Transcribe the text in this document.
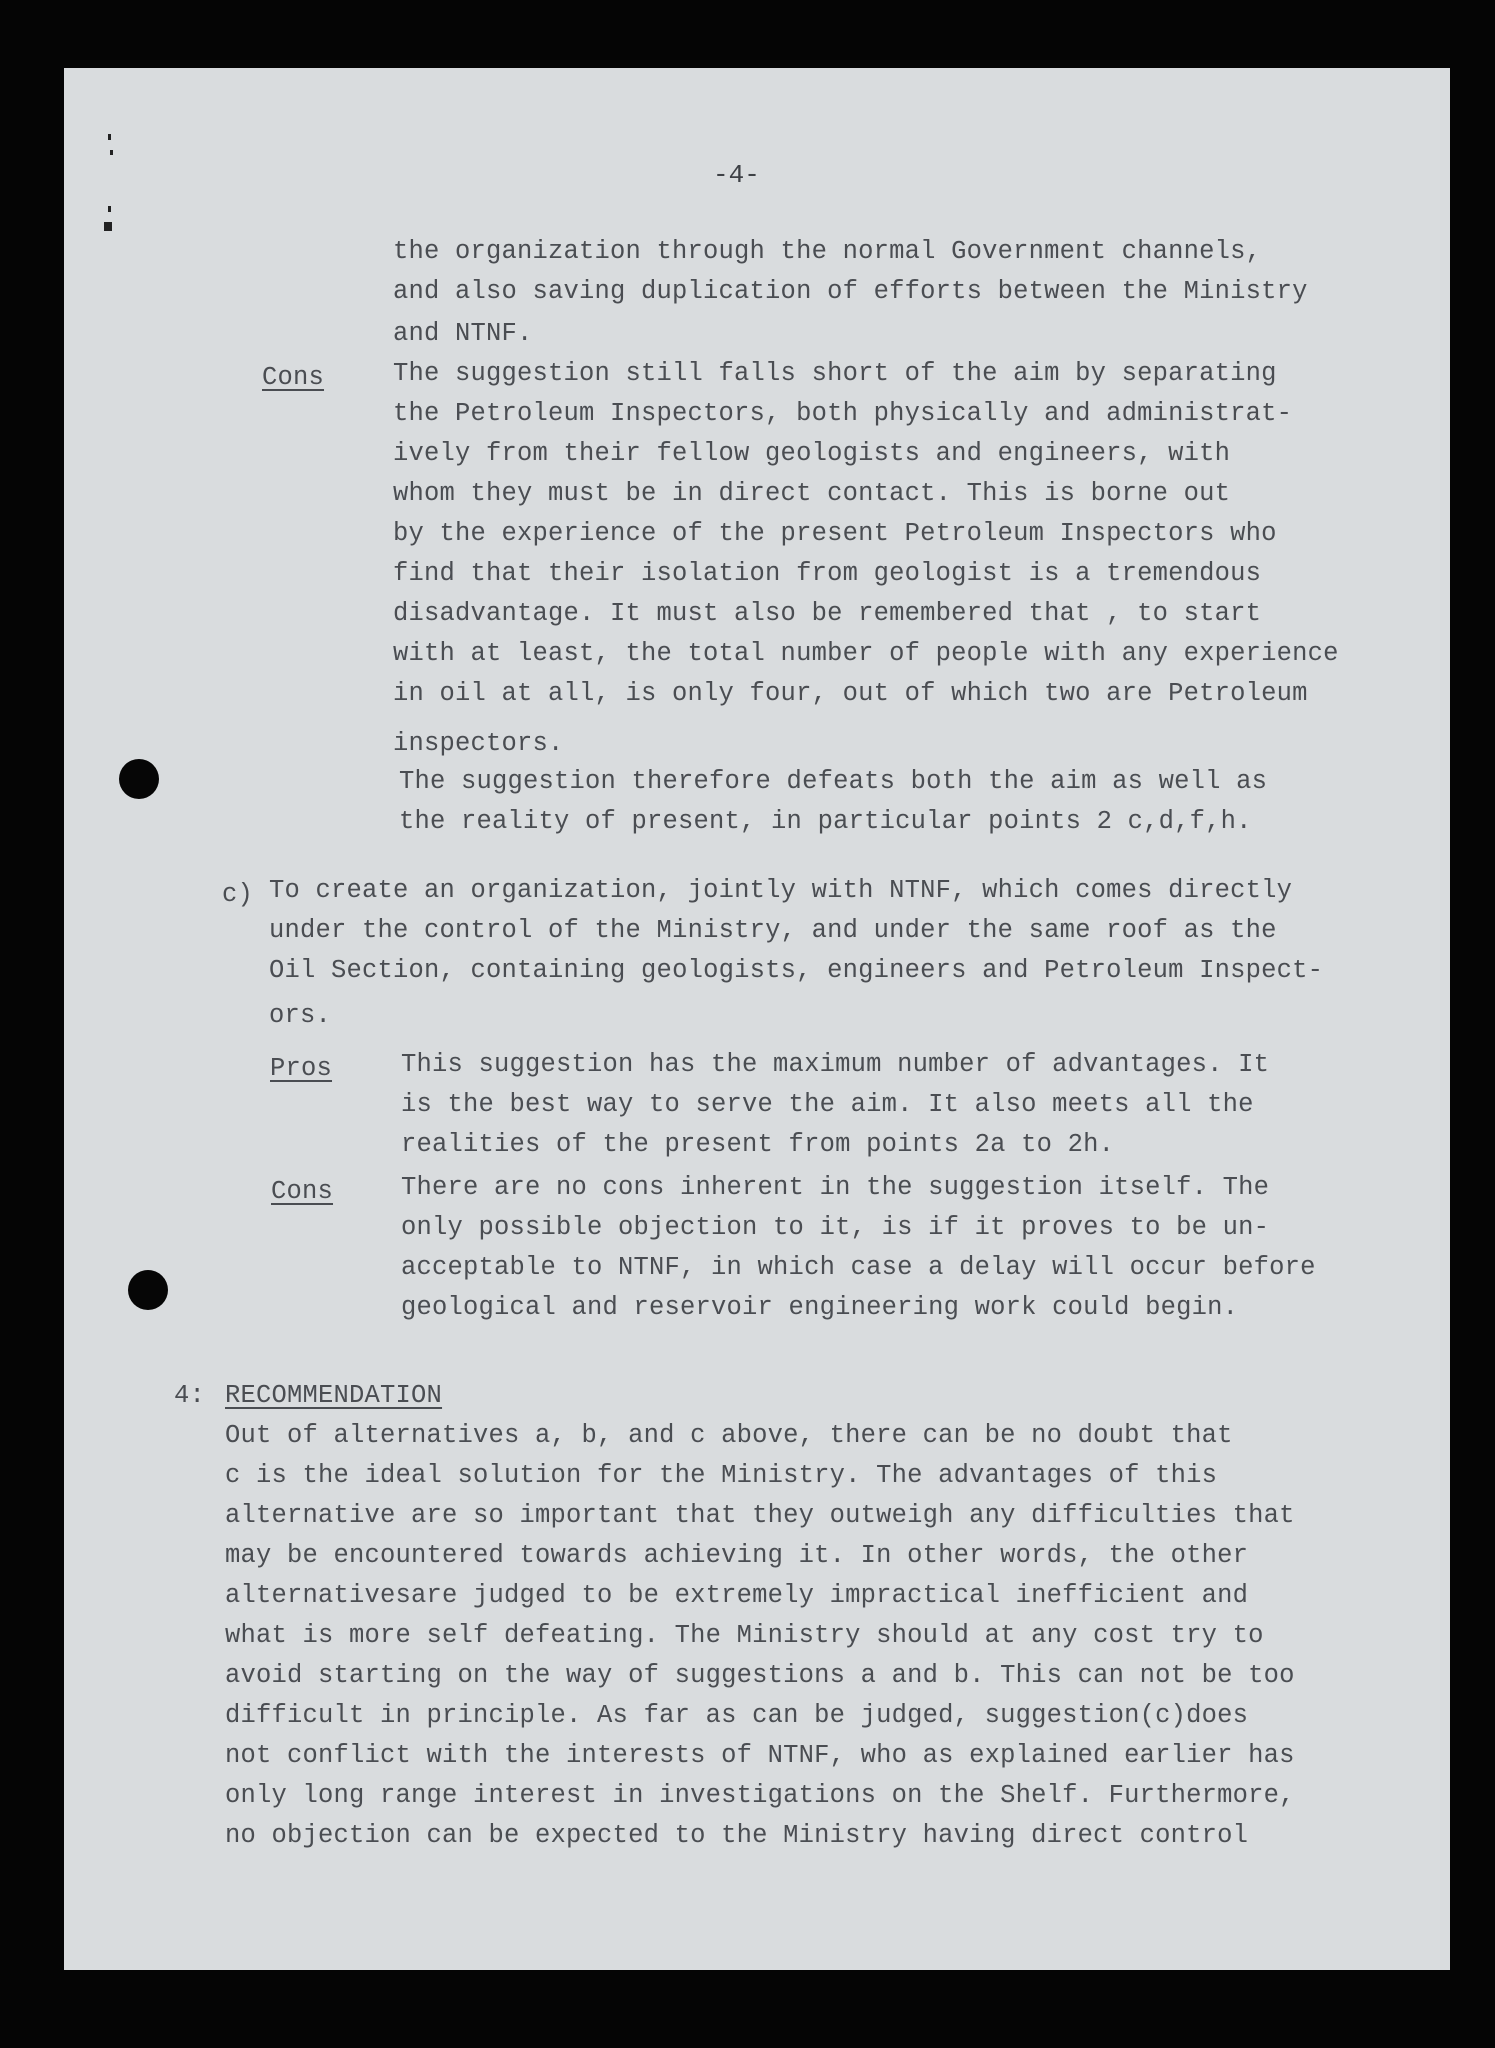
-4-
the organization through the normal Government channels,
and also saving duplication of efforts between the Ministry
and NTNF.
Cons	The suggestion still falls short of the aim by separating
the Petroleum Inspectors, both physically and administrat-
ively from their fellow geologists and engineers, with
whom they must be in direct contact. This is borne out
by the experience of the present Petroleum Inspectors who
find that their isolation from geologist is a tremendous
disadvantage. It must also be remembered that , to start
with at least, the total number of people with any experience
in oil at all, is only four, out of which two are Petroleum
inspectors.
The suggestion therefore defeats both the aim as well as
the reality of present, in particular points 2 c,d,f,h.
c) To create an organization, jointly with NTNF, which comes directly
under the control of the Ministry, and under the same roof as the
Oil Section, containing geologists, engineers and Petroleum Inspect-
ors.
Pros	This suggestion has the maximum number of advantages. It
is the best way to serve the aim. It also meets all the
realities of the present from points 2a to 2h.
Cons	There are no cons inherent in the suggestion itself. The
only possible objection to it, is if it proves to be un-
acceptable to NTNF, in which case a delay will occur before
geological and reservoir engineering work could begin.
4: RECOMMENDATION
Out of alternatives a, b, and c above, there can be no doubt that
c is the ideal solution for the Ministry. The advantages of this
alternative are so important that they outweigh any difficulties that
may be encountered towards achieving it. In other words, the other
alternativesare judged to be extremely impractical inefficient and
what is more self defeating. The Ministry should at any cost try to
avoid starting on the way of suggestions a and b. This can not be too
difficult in principle. As far as can be judged, suggestion(c)does
not conflict with the interests of NTNF, who as explained earlier has
only long range interest in investigations on the Shelf. Furthermore,
no objection can be expected to the Ministry having direct control
